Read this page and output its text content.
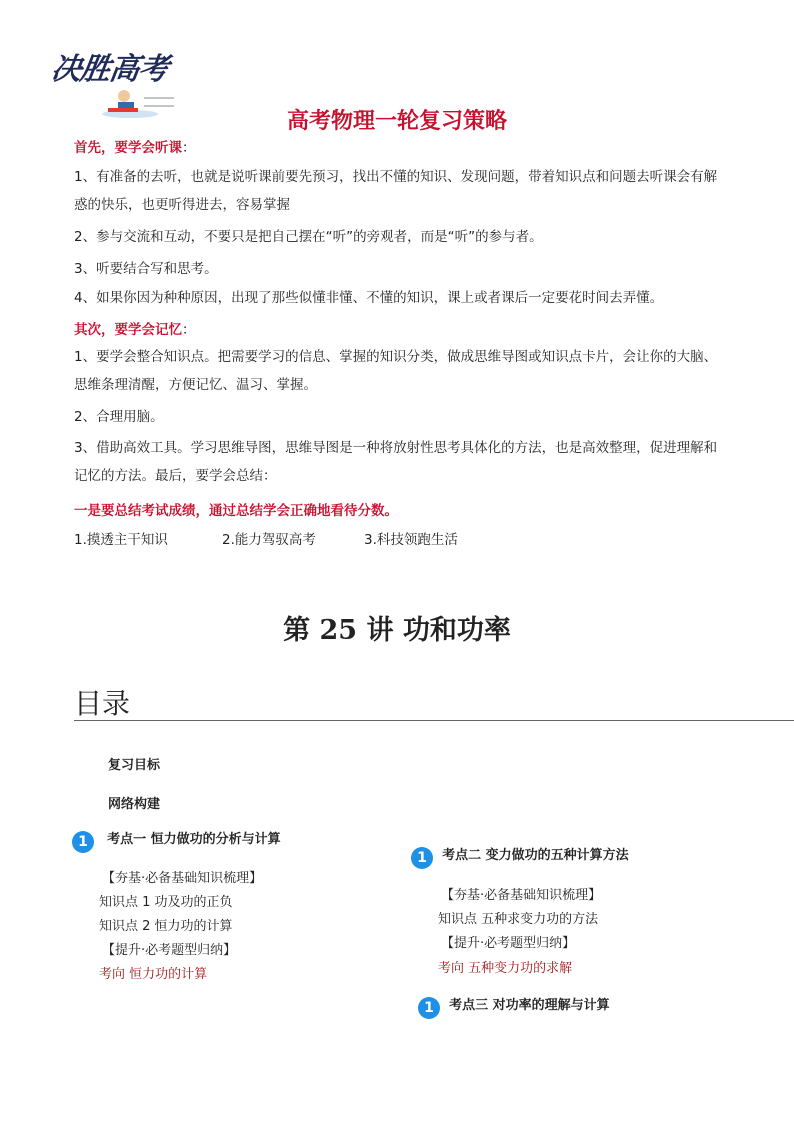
决胜高考
高考物理一轮复习策略
首先，要学会听课：
1、有准备的去听，也就是说听课前要先预习，找出不懂的知识、发现问题，带着知识点和问题去听课会有解惑的快乐，也更听得进去，容易掌握
2、参与交流和互动，不要只是把自己摆在“听”的旁观者，而是“听”的参与者。
3、听要结合写和思考。
4、如果你因为种种原因，出现了那些似懂非懂、不懂的知识，课上或者课后一定要花时间去弄懂。
其次，要学会记忆：
1、要学会整合知识点。把需要学习的信息、掌握的知识分类，做成思维导图或知识点卡片，会让你的大脑、思维条理清醒，方便记忆、温习、掌握。
2、合理用脑。
3、借助高效工具。学习思维导图，思维导图是一种将放射性思考具体化的方法，也是高效整理，促进理解和记忆的方法。最后，要学会总结：
一是要总结考试成绩，通过总结学会正确地看待分数。
1.摸透主干知识	2.能力驾驭高考	3.科技领跑生活
第 25 讲 功和功率
目录
复习目标
网络构建
1 考点一 恒力做功的分析与计算
【夯基·必备基础知识梳理】
知识点 1 功及功的正负
知识点 2 恒力功的计算
【提升·必考题型归纳】
考向 恒力功的计算
1 考点二 变力做功的五种计算方法
【夯基·必备基础知识梳理】
知识点 五种求变力功的方法
【提升·必考题型归纳】
考向 五种变力功的求解
1 考点三 对功率的理解与计算
